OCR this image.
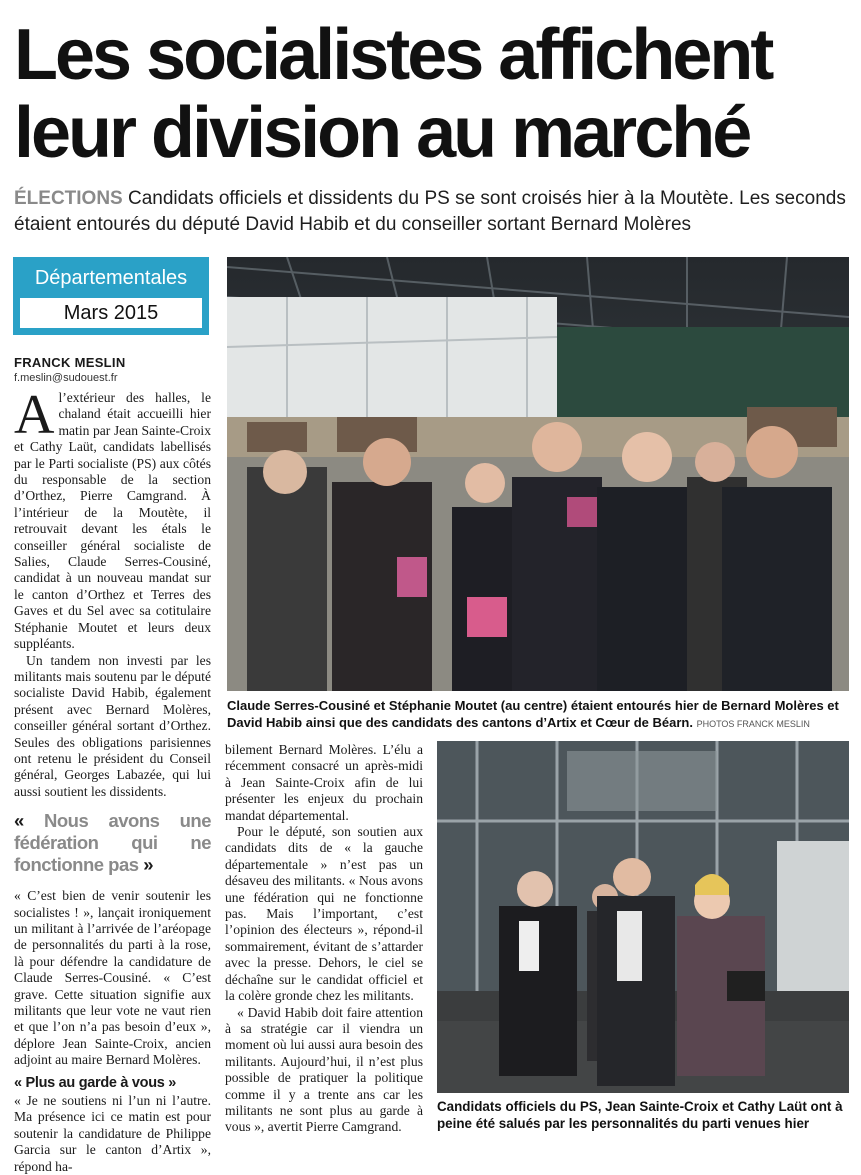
Les socialistes affichent
leur division au marché

ÉLECTIONS Candidats officiels et dissidents du PS se sont croisés hier à la Moutète. Les seconds étaient entourés du député David Habib et du conseiller sortant Bernard Molères

Départementales
Mars 2015
FRANCK MESLIN
f.meslin@sudouest.fr

Al’extérieur des halles, le chaland était accueilli hier matin par Jean Sainte-Croix et Cathy Laüt, candidats labellisés par le Parti socialiste (PS) aux côtés du responsable de la section d’Orthez, Pierre Camgrand. À l’intérieur de la Moutète, il retrouvait devant les étals le conseiller général socialiste de Salies, Claude Serres-Cousiné, candidat à un nouveau mandat sur le canton d’Orthez et Terres des Gaves et du Sel avec sa cotitulaire Stéphanie Moutet et leurs deux suppléants.

Un tandem non investi par les militants mais soutenu par le député socialiste David Habib, également présent avec Bernard Molères, conseiller général sortant d’Orthez. Seules des obligations parisiennes ont retenu le président du Conseil général, Georges Labazée, qui lui aussi soutient les dissidents.

« Nous avons une fédération qui ne fonctionne pas »

« C’est bien de venir soutenir les socialistes ! », lançait ironiquement un militant à l’arrivée de l’aréopage de personnalités du parti à la rose, là pour défendre la candidature de Claude Serres-Cousiné. « C’est grave. Cette situation signifie aux militants que leur vote ne vaut rien et que l’on n’a pas besoin d’eux », déplore Jean Sainte-Croix, ancien adjoint au maire Bernard Molères.

« Plus au garde à vous »

« Je ne soutiens ni l’un ni l’autre. Ma présence ici ce matin est pour soutenir la candidature de Philippe Garcia sur le canton d’Artix », répond ha-

bilement Bernard Molères. L’élu a récemment consacré un après-midi à Jean Sainte-Croix afin de lui présenter les enjeux du prochain mandat départemental.

Pour le député, son soutien aux candidats dits de « la gauche départementale » n’est pas un désaveu des militants. « Nous avons une fédération qui ne fonctionne pas. Mais l’important, c’est l’opinion des électeurs », répond-il sommairement, évitant de s’attarder avec la presse. Dehors, le ciel se déchaîne sur le candidat officiel et la colère gronde chez les militants.

« David Habib doit faire attention à sa stratégie car il viendra un moment où lui aussi aura besoin des militants. Aujourd’hui, il n’est plus possible de pratiquer la politique comme il y a trente ans car les militants ne sont plus au garde à vous », avertit Pierre Camgrand.

Claude Serres-Cousiné et Stéphanie Moutet (au centre) étaient entourés hier de Bernard Molères et David Habib ainsi que des candidats des cantons d’Artix et Cœur de Béarn. PHOTOS FRANCK MESLIN
Candidats officiels du PS, Jean Sainte-Croix et Cathy Laüt ont à peine été salués par les personnalités du parti venues hier
